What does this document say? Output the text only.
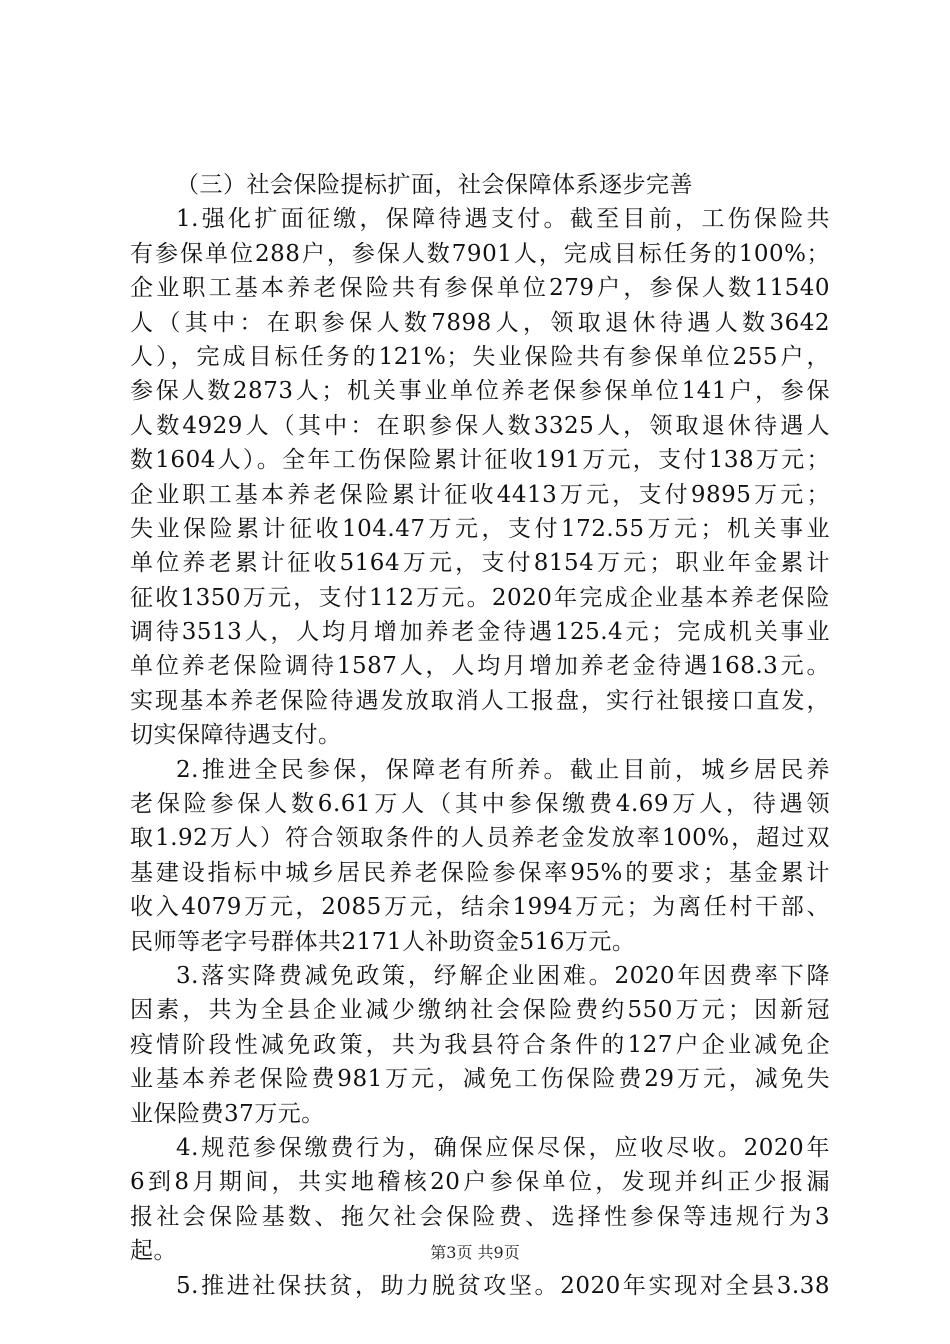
（三）社会保险提标扩面，社会保障体系逐步完善
1.强化扩面征缴，保障待遇支付。截至目前，工伤保险共
有参保单位288户，参保人数7901人，完成目标任务的100%；
企业职工基本养老保险共有参保单位279户，参保人数11540
人（其中：在职参保人数7898人，领取退休待遇人数3642
人），完成目标任务的121%；失业保险共有参保单位255户，
参保人数2873人；机关事业单位养老保参保单位141户，参保
人数4929人（其中：在职参保人数3325人，领取退休待遇人
数1604人）。全年工伤保险累计征收191万元，支付138万元；
企业职工基本养老保险累计征收4413万元，支付9895万元；
失业保险累计征收104.47万元，支付172.55万元；机关事业
单位养老累计征收5164万元，支付8154万元；职业年金累计
征收1350万元，支付112万元。2020年完成企业基本养老保险
调待3513人，人均月增加养老金待遇125.4元；完成机关事业
单位养老保险调待1587人，人均月增加养老金待遇168.3元。
实现基本养老保险待遇发放取消人工报盘，实行社银接口直发，
切实保障待遇支付。
2.推进全民参保，保障老有所养。截止目前，城乡居民养
老保险参保人数6.61万人（其中参保缴费4.69万人，待遇领
取1.92万人）符合领取条件的人员养老金发放率100%，超过双
基建设指标中城乡居民养老保险参保率95%的要求；基金累计
收入4079万元，2085万元，结余1994万元；为离任村干部、
民师等老字号群体共2171人补助资金516万元。
3.落实降费减免政策，纾解企业困难。2020年因费率下降
因素，共为全县企业减少缴纳社会保险费约550万元；因新冠
疫情阶段性减免政策，共为我县符合条件的127户企业减免企
业基本养老保险费981万元，减免工伤保险费29万元，减免失
业保险费37万元。
4.规范参保缴费行为，确保应保尽保，应收尽收。2020年
6到8月期间，共实地稽核20户参保单位，发现并纠正少报漏
报社会保险基数、拖欠社会保险费、选择性参保等违规行为3
起。
5.推进社保扶贫，助力脱贫攻坚。2020年实现对全县3.38
第3页 共9页
